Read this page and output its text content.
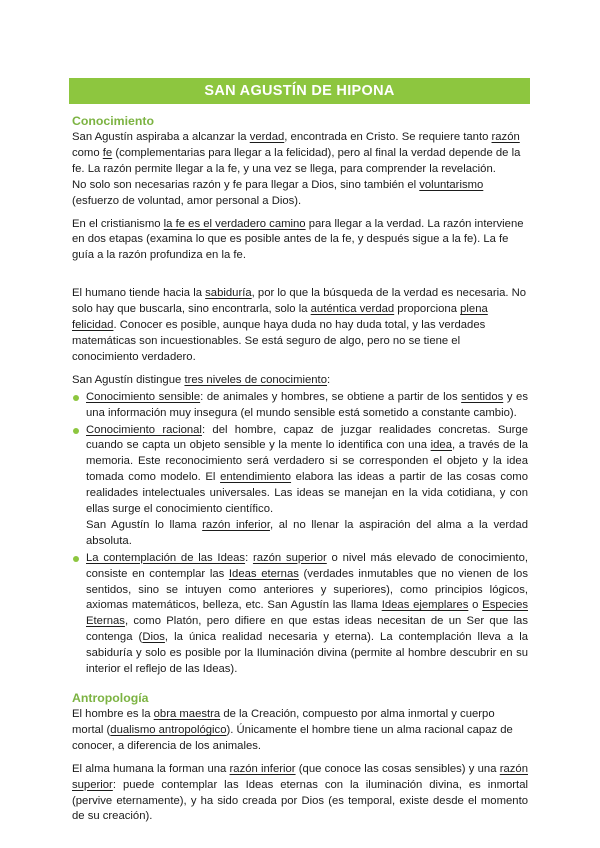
SAN AGUSTÍN DE HIPONA
Conocimiento

San Agustín aspiraba a alcanzar la verdad, encontrada en Cristo. Se requiere tanto razón como fe (complementarias para llegar a la felicidad), pero al final la verdad depende de la fe. La razón permite llegar a la fe, y una vez se llega, para comprender la revelación.

No solo son necesarias razón y fe para llegar a Dios, sino también el voluntarismo (esfuerzo de voluntad, amor personal a Dios).

En el cristianismo la fe es el verdadero camino para llegar a la verdad. La razón interviene en dos etapas (examina lo que es posible antes de la fe, y después sigue a la fe). La fe guía a la razón profundiza en la fe.

El humano tiende hacia la sabiduría, por lo que la búsqueda de la verdad es necesaria. No solo hay que buscarla, sino encontrarla, solo la auténtica verdad proporciona plena felicidad. Conocer es posible, aunque haya duda no hay duda total, y las verdades matemáticas son incuestionables. Se está seguro de algo, pero no se tiene el conocimiento verdadero.

San Agustín distingue tres niveles de conocimiento:

Conocimiento sensible: de animales y hombres, se obtiene a partir de los sentidos y es una información muy insegura (el mundo sensible está sometido a constante cambio).
Conocimiento racional: del hombre, capaz de juzgar realidades concretas. Surge cuando se capta un objeto sensible y la mente lo identifica con una idea, a través de la memoria. Este reconocimiento será verdadero si se corresponden el objeto y la idea tomada como modelo. El entendimiento elabora las ideas a partir de las cosas como realidades intelectuales universales. Las ideas se manejan en la vida cotidiana, y con ellas surge el conocimiento científico.
San Agustín lo llama razón inferior, al no llenar la aspiración del alma a la verdad absoluta.
La contemplación de las Ideas: razón superior o nivel más elevado de conocimiento, consiste en contemplar las Ideas eternas (verdades inmutables que no vienen de los sentidos, sino se intuyen como anteriores y superiores), como principios lógicos, axiomas matemáticos, belleza, etc. San Agustín las llama Ideas ejemplares o Especies Eternas, como Platón, pero difiere en que estas ideas necesitan de un Ser que las contenga (Dios, la única realidad necesaria y eterna). La contemplación lleva a la sabiduría y solo es posible por la Iluminación divina (permite al hombre descubrir en su interior el reflejo de las Ideas).
Antropología

El hombre es la obra maestra de la Creación, compuesto por alma inmortal y cuerpo mortal (dualismo antropológico). Únicamente el hombre tiene un alma racional capaz de conocer, a diferencia de los animales.

El alma humana la forman una razón inferior (que conoce las cosas sensibles) y una razón superior: puede contemplar las Ideas eternas con la iluminación divina, es inmortal (pervive eternamente), y ha sido creada por Dios (es temporal, existe desde el momento de su creación).
